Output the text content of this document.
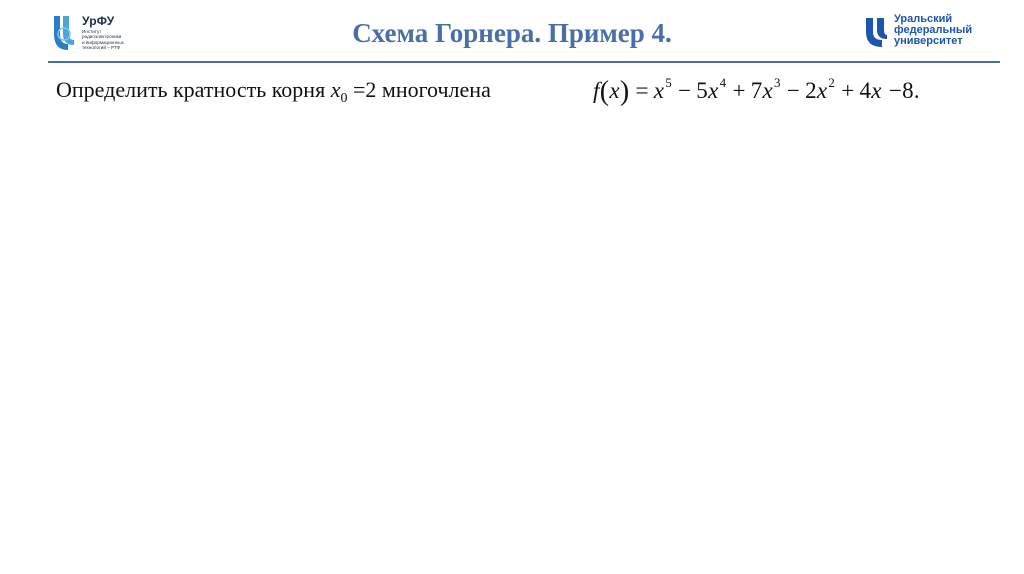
УрФУ
Институт
радиоэлектроники
и информационных
технологий – РТФ	Схема Горнера. Пример 4.	Уральский
федеральный
университет
Определить кратность корня $x_0 =2$ многочлена	$f(x) = x^5 - 5x^4 + 7x^3 - 2x^2 + 4x -8$.
